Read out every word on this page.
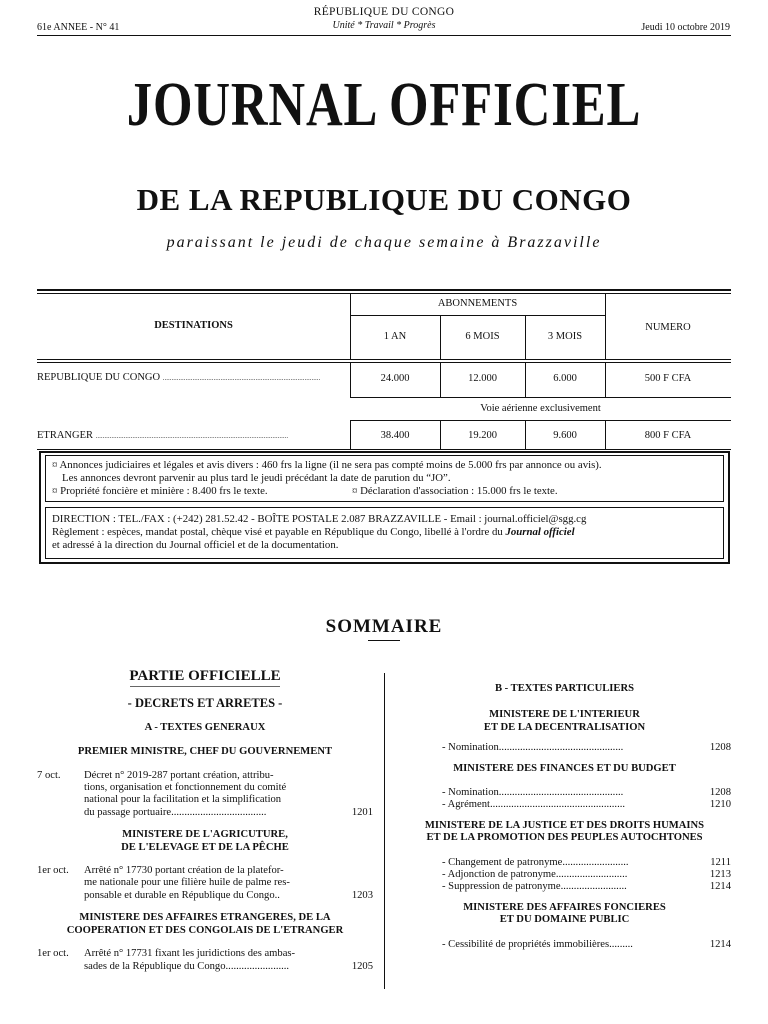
RÉPUBLIQUE DU CONGO
Unité * Travail * Progrès
61e ANNEE - N° 41	Jeudi 10 octobre 2019
JOURNAL OFFICIEL
DE LA REPUBLIQUE DU CONGO
paraissant le jeudi de chaque semaine à Brazzaville
DESTINATIONS
ABONNEMENTS
NUMERO
1 AN	6 MOIS	3 MOIS
REPUBLIQUE DU CONGO ..........................................................................................	24.000	12.000	6.000	500 F CFA
Voie aérienne exclusivement
ETRANGER ..............................................................................................................	38.400	19.200	9.600	800 F CFA
¤ Annonces judiciaires et légales et avis divers : 460 frs la ligne (il ne sera pas compté moins de 5.000 frs par annonce ou avis).
Les annonces devront parvenir au plus tard le jeudi précédant la date de parution du “JO”.
¤ Propriété foncière et minière : 8.400 frs le texte.	¤ Déclaration d'association : 15.000 frs le texte.
DIRECTION : TEL./FAX : (+242) 281.52.42 - BOÎTE POSTALE 2.087 BRAZZAVILLE - Email : journal.officiel@sgg.cg
Règlement : espèces, mandat postal, chèque visé et payable en République du Congo, libellé à l'ordre du Journal officiel
et adressé à la direction du Journal officiel et de la documentation.
SOMMAIRE
PARTIE OFFICIELLE
- DECRETS ET ARRETES -
A - TEXTES GENERAUX
PREMIER MINISTRE, CHEF DU GOUVERNEMENT
7 oct. Décret n° 2019-287 portant création, attribu-
tions, organisation et fonctionnement du comité
national pour la facilitation et la simplification
du passage portuaire....................................	1201
MINISTERE DE L'AGRICUTURE,
DE L'ELEVAGE ET DE LA PÊCHE
1er oct. Arrêté n° 17730 portant création de la platefor-
me nationale pour une filière huile de palme res-
ponsable et durable en République du Congo..	1203
MINISTERE DES AFFAIRES ETRANGERES, DE LA
COOPERATION ET DES CONGOLAIS DE L'ETRANGER
1er oct. Arrêté n° 17731 fixant les juridictions des ambas-
sades de la République du Congo........................	1205
B - TEXTES PARTICULIERS
MINISTERE DE L'INTERIEUR
ET DE LA DECENTRALISATION
- Nomination...............................................	1208
MINISTERE DES FINANCES ET DU BUDGET
- Nomination...............................................	1208
- Agrément...................................................	1210
MINISTERE DE LA JUSTICE ET DES DROITS HUMAINS
ET DE LA PROMOTION DES PEUPLES AUTOCHTONES
- Changement de patronyme.........................	1211
- Adjonction de patronyme...........................	1213
- Suppression de patronyme.........................	1214
MINISTERE DES AFFAIRES FONCIERES
ET DU DOMAINE PUBLIC
- Cessibilité de propriétés immobilières.........	1214
